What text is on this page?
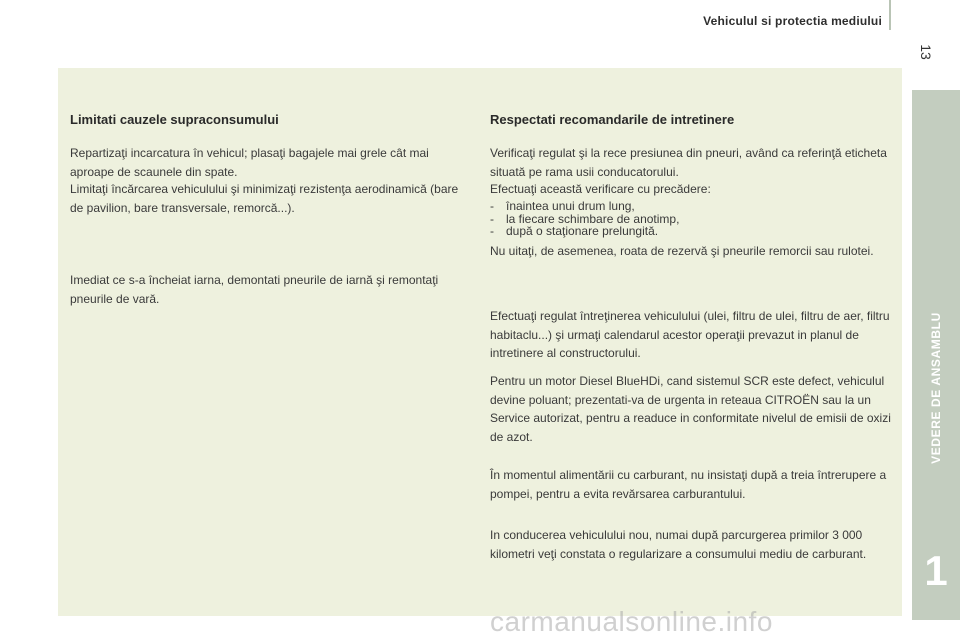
Vehiculul si protectia mediului
13
VEDERE DE ANSAMBLU
1
Limitati cauzele supraconsumului

Repartizaţi incarcatura în vehicul; plasaţi bagajele mai grele cât mai aproape de scaunele din spate.

Limitaţi încărcarea vehiculului şi minimizaţi rezistenţa aerodinamică (bare de pavilion, bare transversale, remorcă...).

Imediat ce s-a încheiat iarna, demontati pneurile de iarnă şi remontaţi pneurile de vară.

Respectati recomandarile de intretinere

Verificaţi regulat şi la rece presiunea din pneuri, având ca referinţă eticheta situată pe rama usii conducatorului.

Efectuaţi această verificare cu precădere:

- înaintea unui drum lung,
- la fiecare schimbare de anotimp,
- după o staţionare prelungită.

Nu uitaţi, de asemenea, roata de rezervă şi pneurile remorcii sau rulotei.

Efectuaţi regulat întreţinerea vehiculului (ulei, filtru de ulei, filtru de aer, filtru habitaclu...) şi urmaţi calendarul acestor operaţii prevazut in planul de intretinere al constructorului.

Pentru un motor Diesel BlueHDi, cand sistemul SCR este defect, vehiculul devine poluant; prezentati-va de urgenta in reteaua CITROËN sau la un Service autorizat, pentru a readuce in conformitate nivelul de emisii de oxizi de azot.

În momentul alimentării cu carburant, nu insistaţi după a treia întrerupere a pompei, pentru a evita revărsarea carburantului.

In conducerea vehiculului nou, numai după parcurgerea primilor 3 000 kilometri veţi constata o regularizare a consumului mediu de carburant.

carmanualsonline.info
